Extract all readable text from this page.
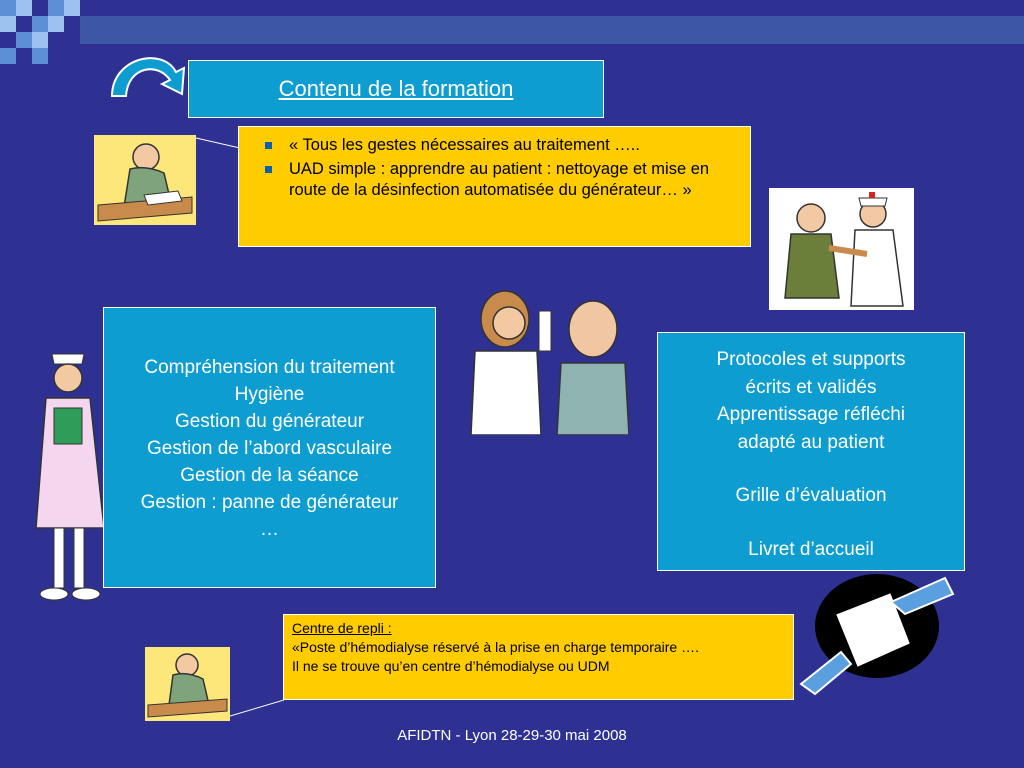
Contenu de la formation
« Tous les gestes nécessaires au traitement …..
UAD simple : apprendre au patient : nettoyage et mise en route de la désinfection automatisée du générateur… »
Compréhension du traitement
Hygiène
Gestion du générateur
Gestion de l’abord vasculaire
Gestion de la séance
Gestion : panne de générateur
…
Protocoles et supports
écrits et validés
Apprentissage réfléchi
adapté au patient
Grille d’évaluation
Livret d’accueil
Centre de repli :
«Poste d’hémodialyse réservé à la prise en charge temporaire ….
Il ne se trouve qu’en centre d’hémodialyse ou UDM
AFIDTN - Lyon 28-29-30 mai 2008
